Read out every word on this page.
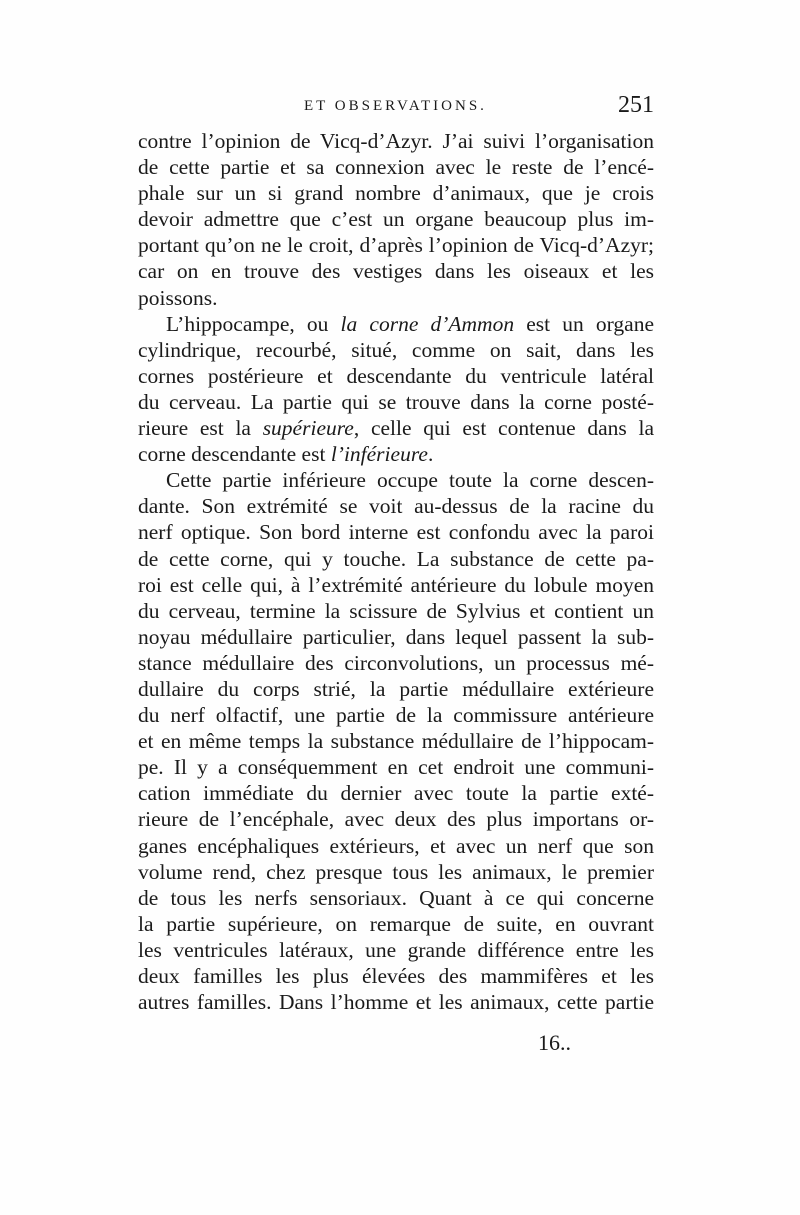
ET OBSERVATIONS.	251
contre l’opinion de Vicq-d’Azyr. J’ai suivi l’organisation
de cette partie et sa connexion avec le reste de l’encé-
phale sur un si grand nombre d’animaux, que je crois
devoir admettre que c’est un organe beaucoup plus im-
portant qu’on ne le croit, d’après l’opinion de Vicq-d’Azyr;
car on en trouve des vestiges dans les oiseaux et les
poissons.
L’hippocampe, ou la corne d’Ammon est un organe
cylindrique, recourbé, situé, comme on sait, dans les
cornes postérieure et descendante du ventricule latéral
du cerveau. La partie qui se trouve dans la corne posté-
rieure est la supérieure, celle qui est contenue dans la
corne descendante est l’inférieure.
Cette partie inférieure occupe toute la corne descen-
dante. Son extrémité se voit au-dessus de la racine du
nerf optique. Son bord interne est confondu avec la paroi
de cette corne, qui y touche. La substance de cette pa-
roi est celle qui, à l’extrémité antérieure du lobule moyen
du cerveau, termine la scissure de Sylvius et contient un
noyau médullaire particulier, dans lequel passent la sub-
stance médullaire des circonvolutions, un processus mé-
dullaire du corps strié, la partie médullaire extérieure
du nerf olfactif, une partie de la commissure antérieure
et en même temps la substance médullaire de l’hippocam-
pe. Il y a conséquemment en cet endroit une communi-
cation immédiate du dernier avec toute la partie exté-
rieure de l’encéphale, avec deux des plus importans or-
ganes encéphaliques extérieurs, et avec un nerf que son
volume rend, chez presque tous les animaux, le premier
de tous les nerfs sensoriaux. Quant à ce qui concerne
la partie supérieure, on remarque de suite, en ouvrant
les ventricules latéraux, une grande différence entre les
deux familles les plus élevées des mammifères et les
autres familles. Dans l’homme et les animaux, cette partie
16..
